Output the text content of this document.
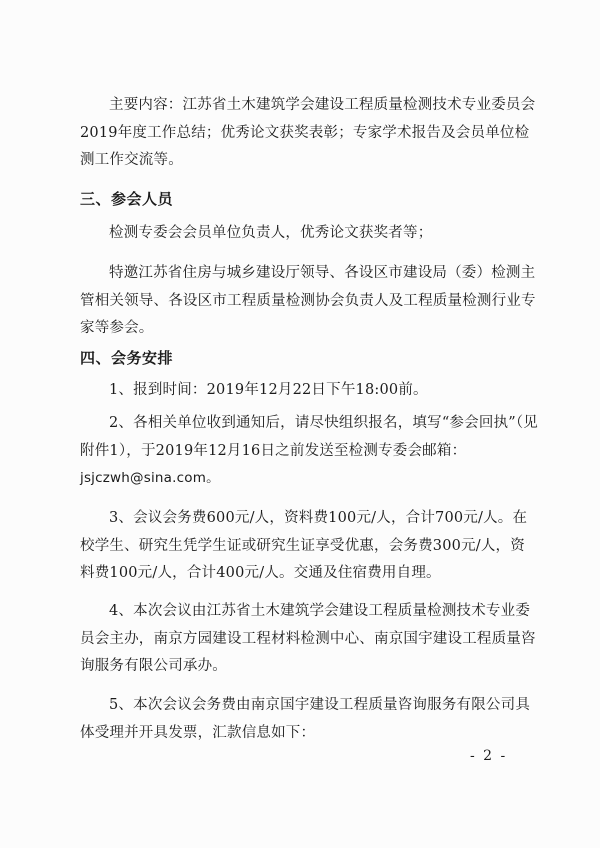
主要内容：江苏省土木建筑学会建设工程质量检测技术专业委员会2019年度工作总结；优秀论文获奖表彰；专家学术报告及会员单位检测工作交流等。

三、参会人员

检测专委会会员单位负责人，优秀论文获奖者等；

特邀江苏省住房与城乡建设厅领导、各设区市建设局（委）检测主管相关领导、各设区市工程质量检测协会负责人及工程质量检测行业专家等参会。

四、会务安排

1、报到时间：2019年12月22日下午18:00前。

2、各相关单位收到通知后，请尽快组织报名，填写“参会回执”（见附件1），于2019年12月16日之前发送至检测专委会邮箱：
jsjczwh@sina.com。

3、会议会务费600元/人，资料费100元/人，合计700元/人。在校学生、研究生凭学生证或研究生证享受优惠，会务费300元/人，资料费100元/人，合计400元/人。交通及住宿费用自理。

4、本次会议由江苏省土木建筑学会建设工程质量检测技术专业委员会主办，南京方园建设工程材料检测中心、南京国宇建设工程质量咨询服务有限公司承办。

5、本次会议会务费由南京国宇建设工程质量咨询服务有限公司具体受理并开具发票，汇款信息如下：

- 2 -
